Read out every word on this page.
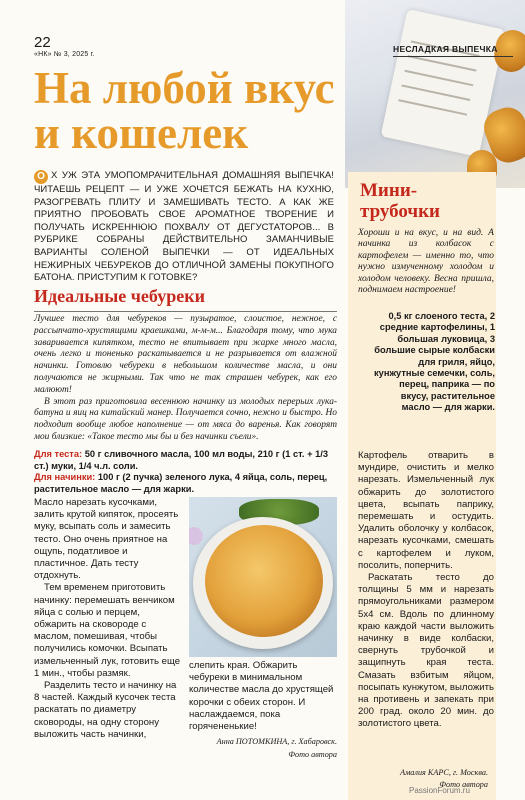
22
«НК» № 3, 2025 г.
НЕСЛАДКАЯ ВЫПЕЧКА
На любой вкус
и кошелек
О Х УЖ ЭТА УМОПОМРАЧИТЕЛЬНАЯ ДОМАШНЯЯ ВЫПЕЧКА! ЧИТАЕШЬ РЕЦЕПТ — И УЖЕ ХОЧЕТСЯ БЕЖАТЬ НА КУХНЮ, РАЗОГРЕВАТЬ ПЛИТУ И ЗАМЕШИВАТЬ ТЕСТО. А КАК ЖЕ ПРИЯТНО ПРОБОВАТЬ СВОЕ АРОМАТНОЕ ТВОРЕНИЕ И ПОЛУЧАТЬ ИСКРЕННЮЮ ПОХВАЛУ ОТ ДЕГУСТАТОРОВ... В РУБРИКЕ СОБРАНЫ ДЕЙСТВИТЕЛЬНО ЗАМАНЧИВЫЕ ВАРИАНТЫ СОЛЕНОЙ ВЫПЕЧКИ — ОТ ИДЕАЛЬНЫХ НЕЖИРНЫХ ЧЕБУРЕКОВ ДО ОТЛИЧНОЙ ЗАМЕНЫ ПОКУПНОГО БАТОНА. ПРИСТУПИМ К ГОТОВКЕ?
Идеальные чебуреки
Лучшее тесто для чебуреков — пузыратое, слоистое, нежное, с рассыпчато-хрустящими краешками, м-м-м... Благодаря тому, что мука заваривается кипятком, тесто не впитывает при жарке много масла, очень легко и тоненько раскатывается и не разрывается от влажной начинки. Готовлю чебуреки в небольшом количестве масла, и они получаются не жирными. Так что не так страшен чебурек, как его малюют!
В этот раз приготовила весеннюю начинку из молодых перерьих лука-батуна и яиц на китайский манер. Получается сочно, нежно и быстро. Но подходит вообще любое наполнение — от мяса до варенья. Как говорят мои близкие: «Такое тесто мы бы и без начинки съели».
Для теста: 50 г сливочного масла, 100 мл воды, 210 г (1 ст. + 1/3 ст.) муки, 1/4 ч.л. соли.
Для начинки: 100 г (2 пучка) зеленого лука, 4 яйца, соль, перец, растительное масло — для жарки.

Масло нарезать кусочками, залить крутой кипяток, просеять муку, всыпать соль и замесить тесто. Оно очень приятное на ощупь, податливое и пластичное. Дать тесту отдохнуть.

Тем временем приготовить начинку: перемешать венчиком яйца с солью и перцем, обжарить на сковороде с маслом, помешивая, чтобы получились комочки. Всыпать измельченный лук, готовить еще 1 мин., чтобы размяк.

Разделить тесто и начинку на 8 частей. Каждый кусочек теста раскатать по диаметру сковороды, на одну сторону выложить часть начинки,

слепить края. Обжарить чебуреки в минимальном количестве масла до хрустящей корочки с обеих сторон. И наслаждаемся, пока горячененькие!

Анна ПОТОМКИНА, г. Хабаровск.
Фото автора
Мини-
трубочки
Хороши и на вкус, и на вид. А начинка из колбасок с картофелем — именно то, что нужно измученному холодом и холодом человеку. Весна пришла, поднимаем настроение!
0,5 кг слоеного теста, 2 средние картофелины, 1 большая луковица, 3 большие сырые колбаски для гриля, яйцо, кунжутные семечки, соль, перец, паприка — по вкусу, растительное масло — для жарки.

Картофель отварить в мундире, очистить и мелко нарезать. Измельченный лук обжарить до золотистого цвета, всыпать паприку, перемешать и остудить. Удалить оболочку у колбасок, нарезать кусочками, смешать с картофелем и луком, посолить, поперчить.

Раскатать тесто до толщины 5 мм и нарезать прямоугольниками размером 5х4 см. Вдоль по длинному краю каждой части выложить начинку в виде колбаски, свернуть трубочкой и защипнуть края теста. Смазать взбитым яйцом, посыпать кунжутом, выложить на противень и запекать при 200 град. около 20 мин. до золотистого цвета.

Амалия КАРС, г. Москва.
Фото автора
PassionForum.ru
